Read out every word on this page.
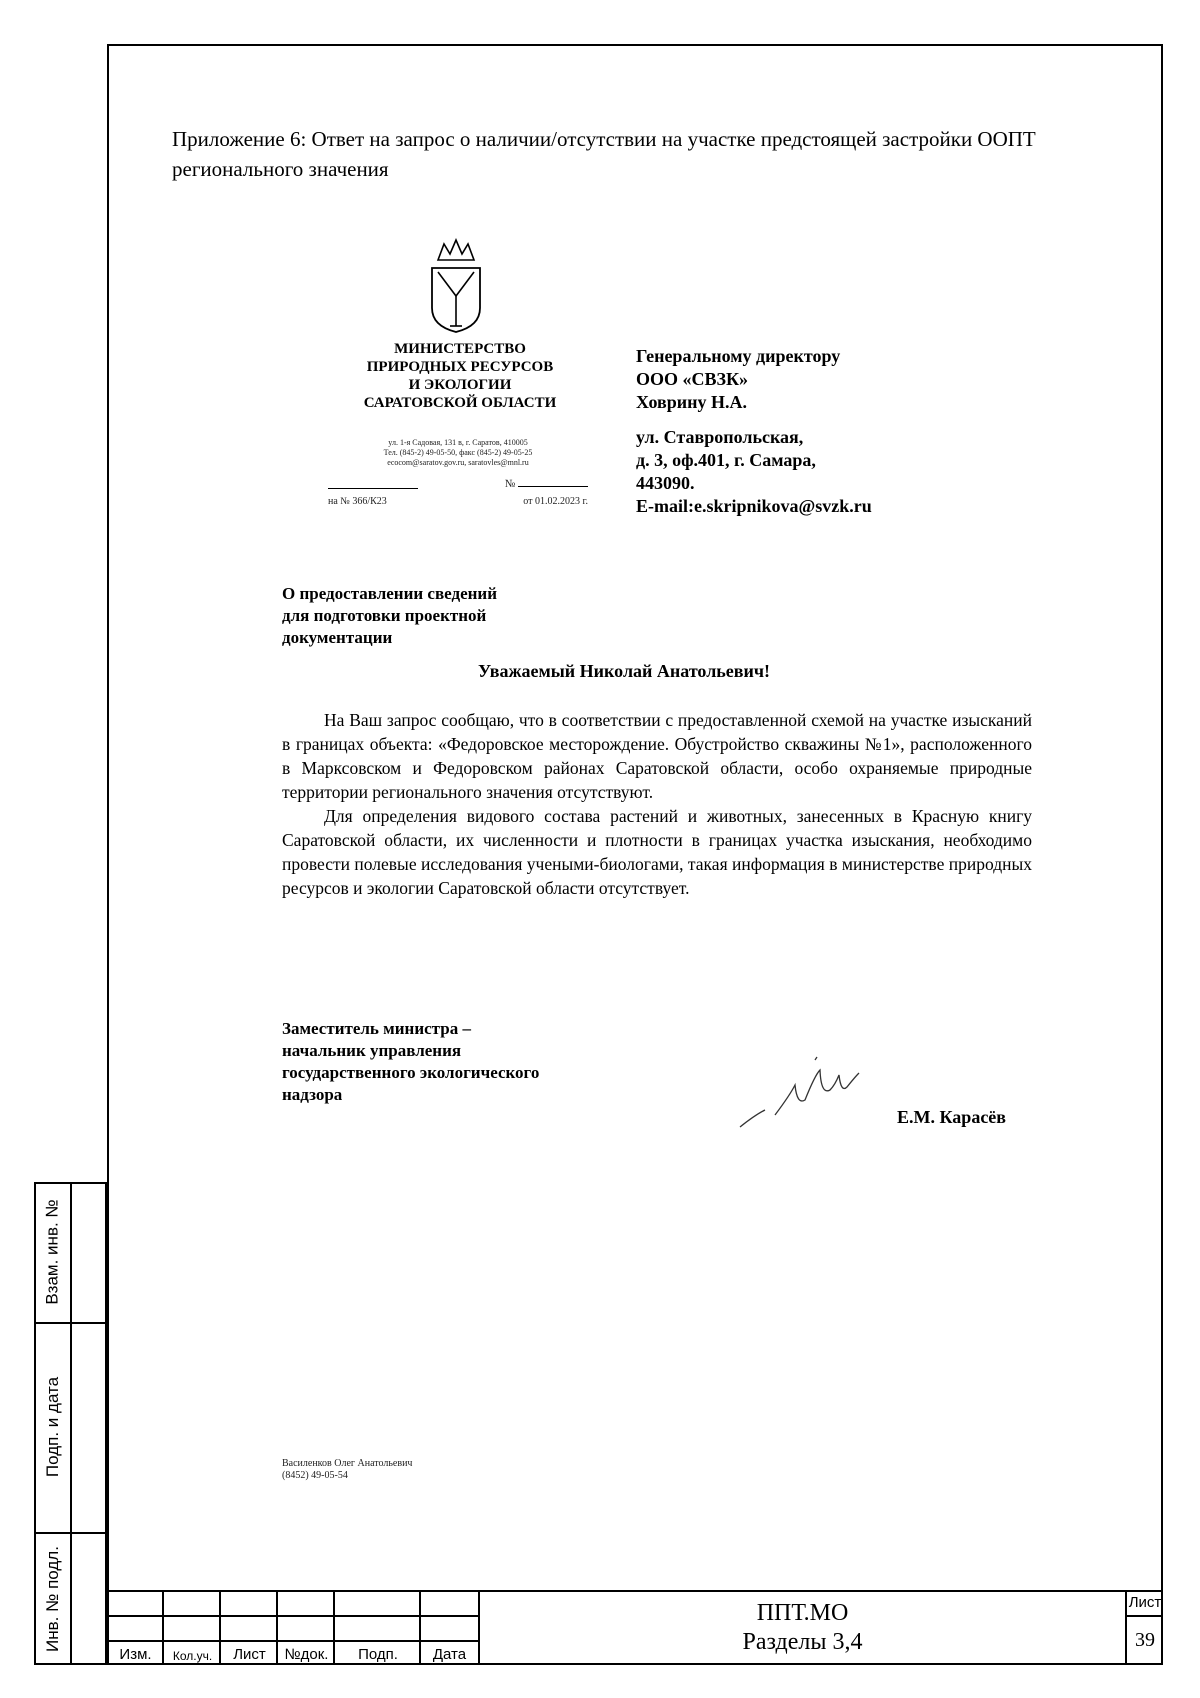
Приложение 6: Ответ на запрос о наличии/отсутствии на участке предстоящей застройки ООПТ регионального значения
МИНИСТЕРСТВО
ПРИРОДНЫХ РЕСУРСОВ
И ЭКОЛОГИИ
САРАТОВСКОЙ ОБЛАСТИ
ул. 1-я Садовая, 131 в, г. Саратов, 410005
Тел. (845-2) 49-05-50, факс (845-2) 49-05-25
ecocom@saratov.gov.ru, saratovles@mnl.ru
№
на № 366/К23	от 01.02.2023 г.
Генеральному директору
ООО «СВЗК»
Ховрину Н.А.
ул. Ставропольская,
д. 3, оф.401, г. Самара,
443090.
E-mail:e.skripnikova@svzk.ru
О предоставлении сведений
для подготовки проектной
документации
Уважаемый Николай Анатольевич!

На Ваш запрос сообщаю, что в соответствии с предоставленной схемой на участке изысканий в границах объекта: «Федоровское месторождение. Обустройство скважины №1», расположенного в Марксовском и Федоровском районах Саратовской области, особо охраняемые природные территории регионального значения отсутствуют.

Для определения видового состава растений и животных, занесенных в Красную книгу Саратовской области, их численности и плотности в границах участка изыскания, необходимо провести полевые исследования учеными-биологами, такая информация в министерстве природных ресурсов и экологии Саратовской области отсутствует.

Заместитель министра –
начальник управления
государственного экологического
надзора
Е.М. Карасёв
Василенков Олег Анатольевич
(8452) 49-05-54
Взам. инв. №
Подп. и дата
Инв. № подл.
Изм.	Кол.уч.	Лист	№док.	Подп.	Дата
ППТ.МО
Разделы 3,4
Лист
39
